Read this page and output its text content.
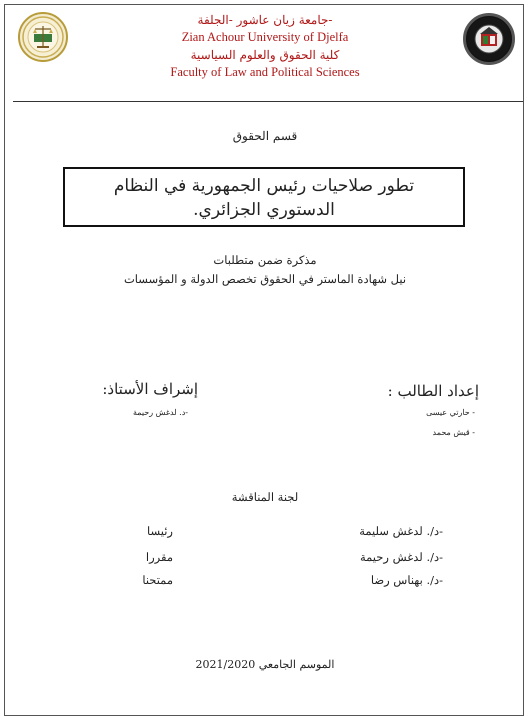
جامعة زيان عاشور -الجلفة-
Zian Achour University of Djelfa
كلية الحقوق والعلوم السياسية
Faculty of Law and Political Sciences
قسم الحقوق
تطور صلاحيات رئيس الجمهورية في النظام
الدستوري الجزائري.
مذكرة ضمن متطلبات
نيل شهادة الماستر في الحقوق تخصص الدولة و المؤسسات
إعداد الطالب :
إشراف الأستاذ:
- حارتي عيسى
- قيش محمد
-د. لدغش رحيمة
لجنة المناقشة
-د/. لدغش سليمة
رئيسا
-د/. لدغش رحيمة
مقررا
-د/. بهناس رضا
ممتحنا
الموسم الجامعي 2021/2020
